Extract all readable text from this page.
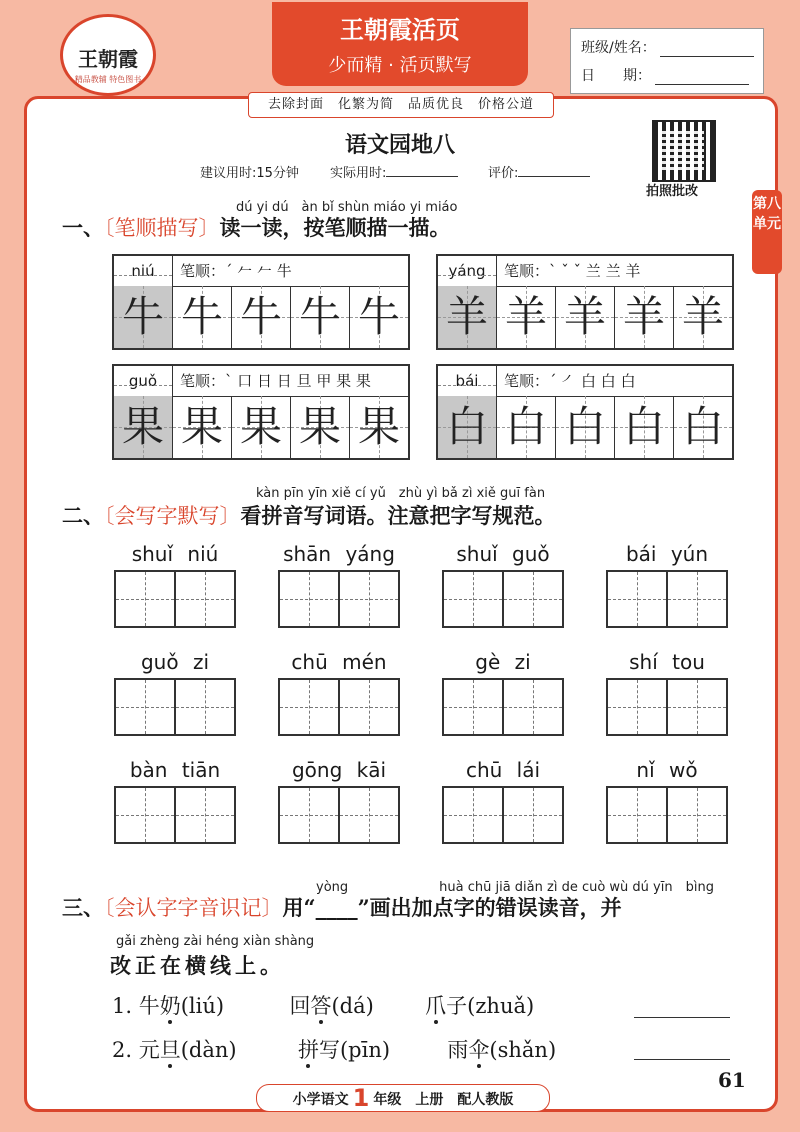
王朝霞
精品教辅 特色图书
王朝霞活页
少而精 · 活页默写
班级/姓名：
日　　期：
去除封面　化繁为简　品质优良　价格公道
语文园地八
建议用时:15分钟 实际用时:	评价:
拍照批改
第八单元
dú yi dú　àn bǐ shùn miáo yi miáo
一、〔笔顺描写〕读一读，按笔顺描一描。
niú	笔顺：ˊ 𠂉 𠂉 牛
牛 牛 牛 牛 牛
yáng	笔顺：ˋ ˇ ˇ 兰 兰 羊
羊 羊 羊 羊 羊
guǒ	笔顺：ˋ 口 日 日 旦 甲 果 果
果 果 果 果 果
bái	笔顺：ˊ ㇒ 白 白 白
白 白 白 白 白
kàn pīn yīn xiě cí yǔ　zhù yì bǎ zì xiě guī fàn
二、〔会写字默写〕看拼音写词语。注意把字写规范。
shuǐ niú	shān yáng	shuǐ guǒ	bái yún
guǒ zi	chū mén	gè zi	shí tou
bàn tiān	gōng kāi	chū lái	nǐ wǒ
yòng　　　　　　　huà chū jiā diǎn zì de cuò wù dú yīn　bìng
三、〔会认字字音识记〕用“____”画出加点字的错误读音，并
gǎi zhèng zài héng xiàn shàng
改正在横线上。
1. 牛奶(liú)	回答(dá) 爪子(zhuǎ)
2. 元旦(dàn)	拼写(pīn)	雨伞(shǎn)
小学语文 1 年级　上册　配人教版
61
